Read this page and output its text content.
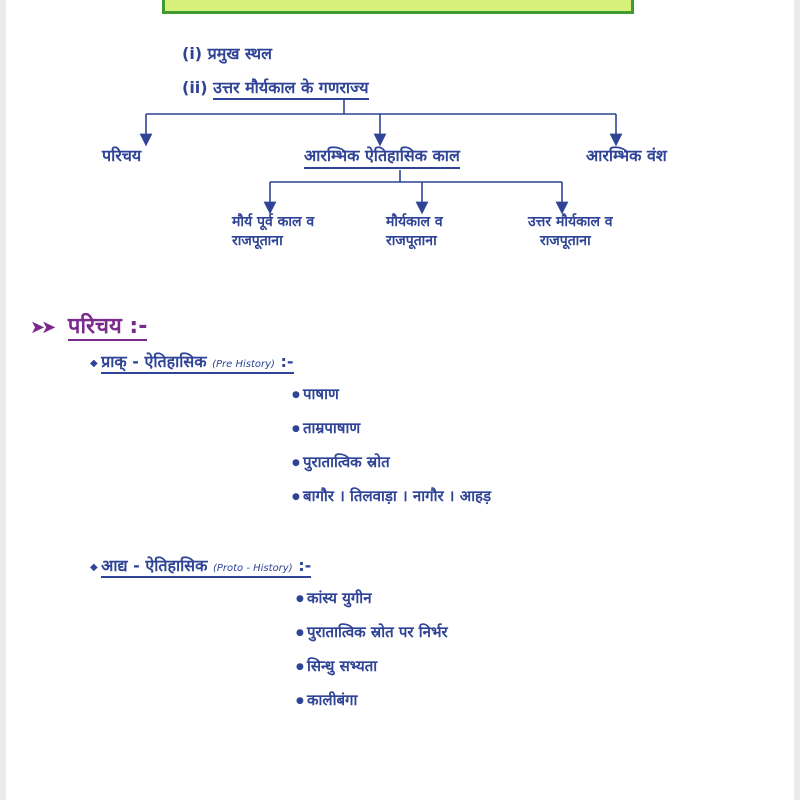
(i) प्रमुख स्थल
(ii) उत्तर मौर्यकाल के गणराज्य
परिचय	आरम्भिक ऐतिहासिक काल	आरम्भिक वंश
मौर्य पूर्व काल व
राजपूताना
मौर्यकाल व
राजपूताना
उत्तर मौर्यकाल व
राजपूताना
➤➤ परिचय :-
◆ प्राक् - ऐतिहासिक (Pre History) :-
● पाषाण
● ताम्रपाषाण
● पुरातात्विक स्रोत
● बागौर । तिलवाड़ा । नागौर । आहड़
◆ आद्य - ऐतिहासिक (Proto - History) :-
● कांस्य युगीन
● पुरातात्विक स्रोत पर निर्भर
● सिन्धु सभ्यता
● कालीबंगा
